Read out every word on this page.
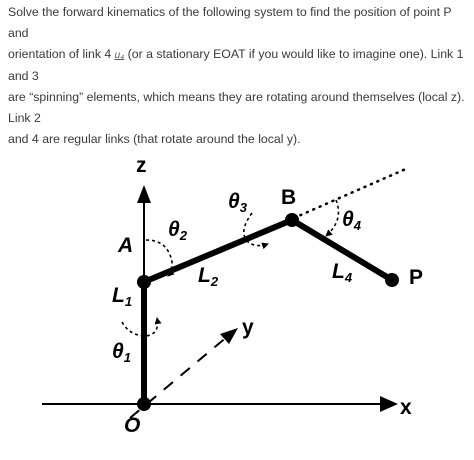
Solve the forward kinematics of the following system to find the position of point P and
orientation of link 4 u₄ (or a stationary EOAT if you would like to imagine one). Link 1 and 3
are “spinning” elements, which means they are rotating around themselves (local z). Link 2
and 4 are regular links (that rotate around the local y).
z
x
y
O
A
B
P
L1
L2	L4
θ1
θ2
θ3
θ4
